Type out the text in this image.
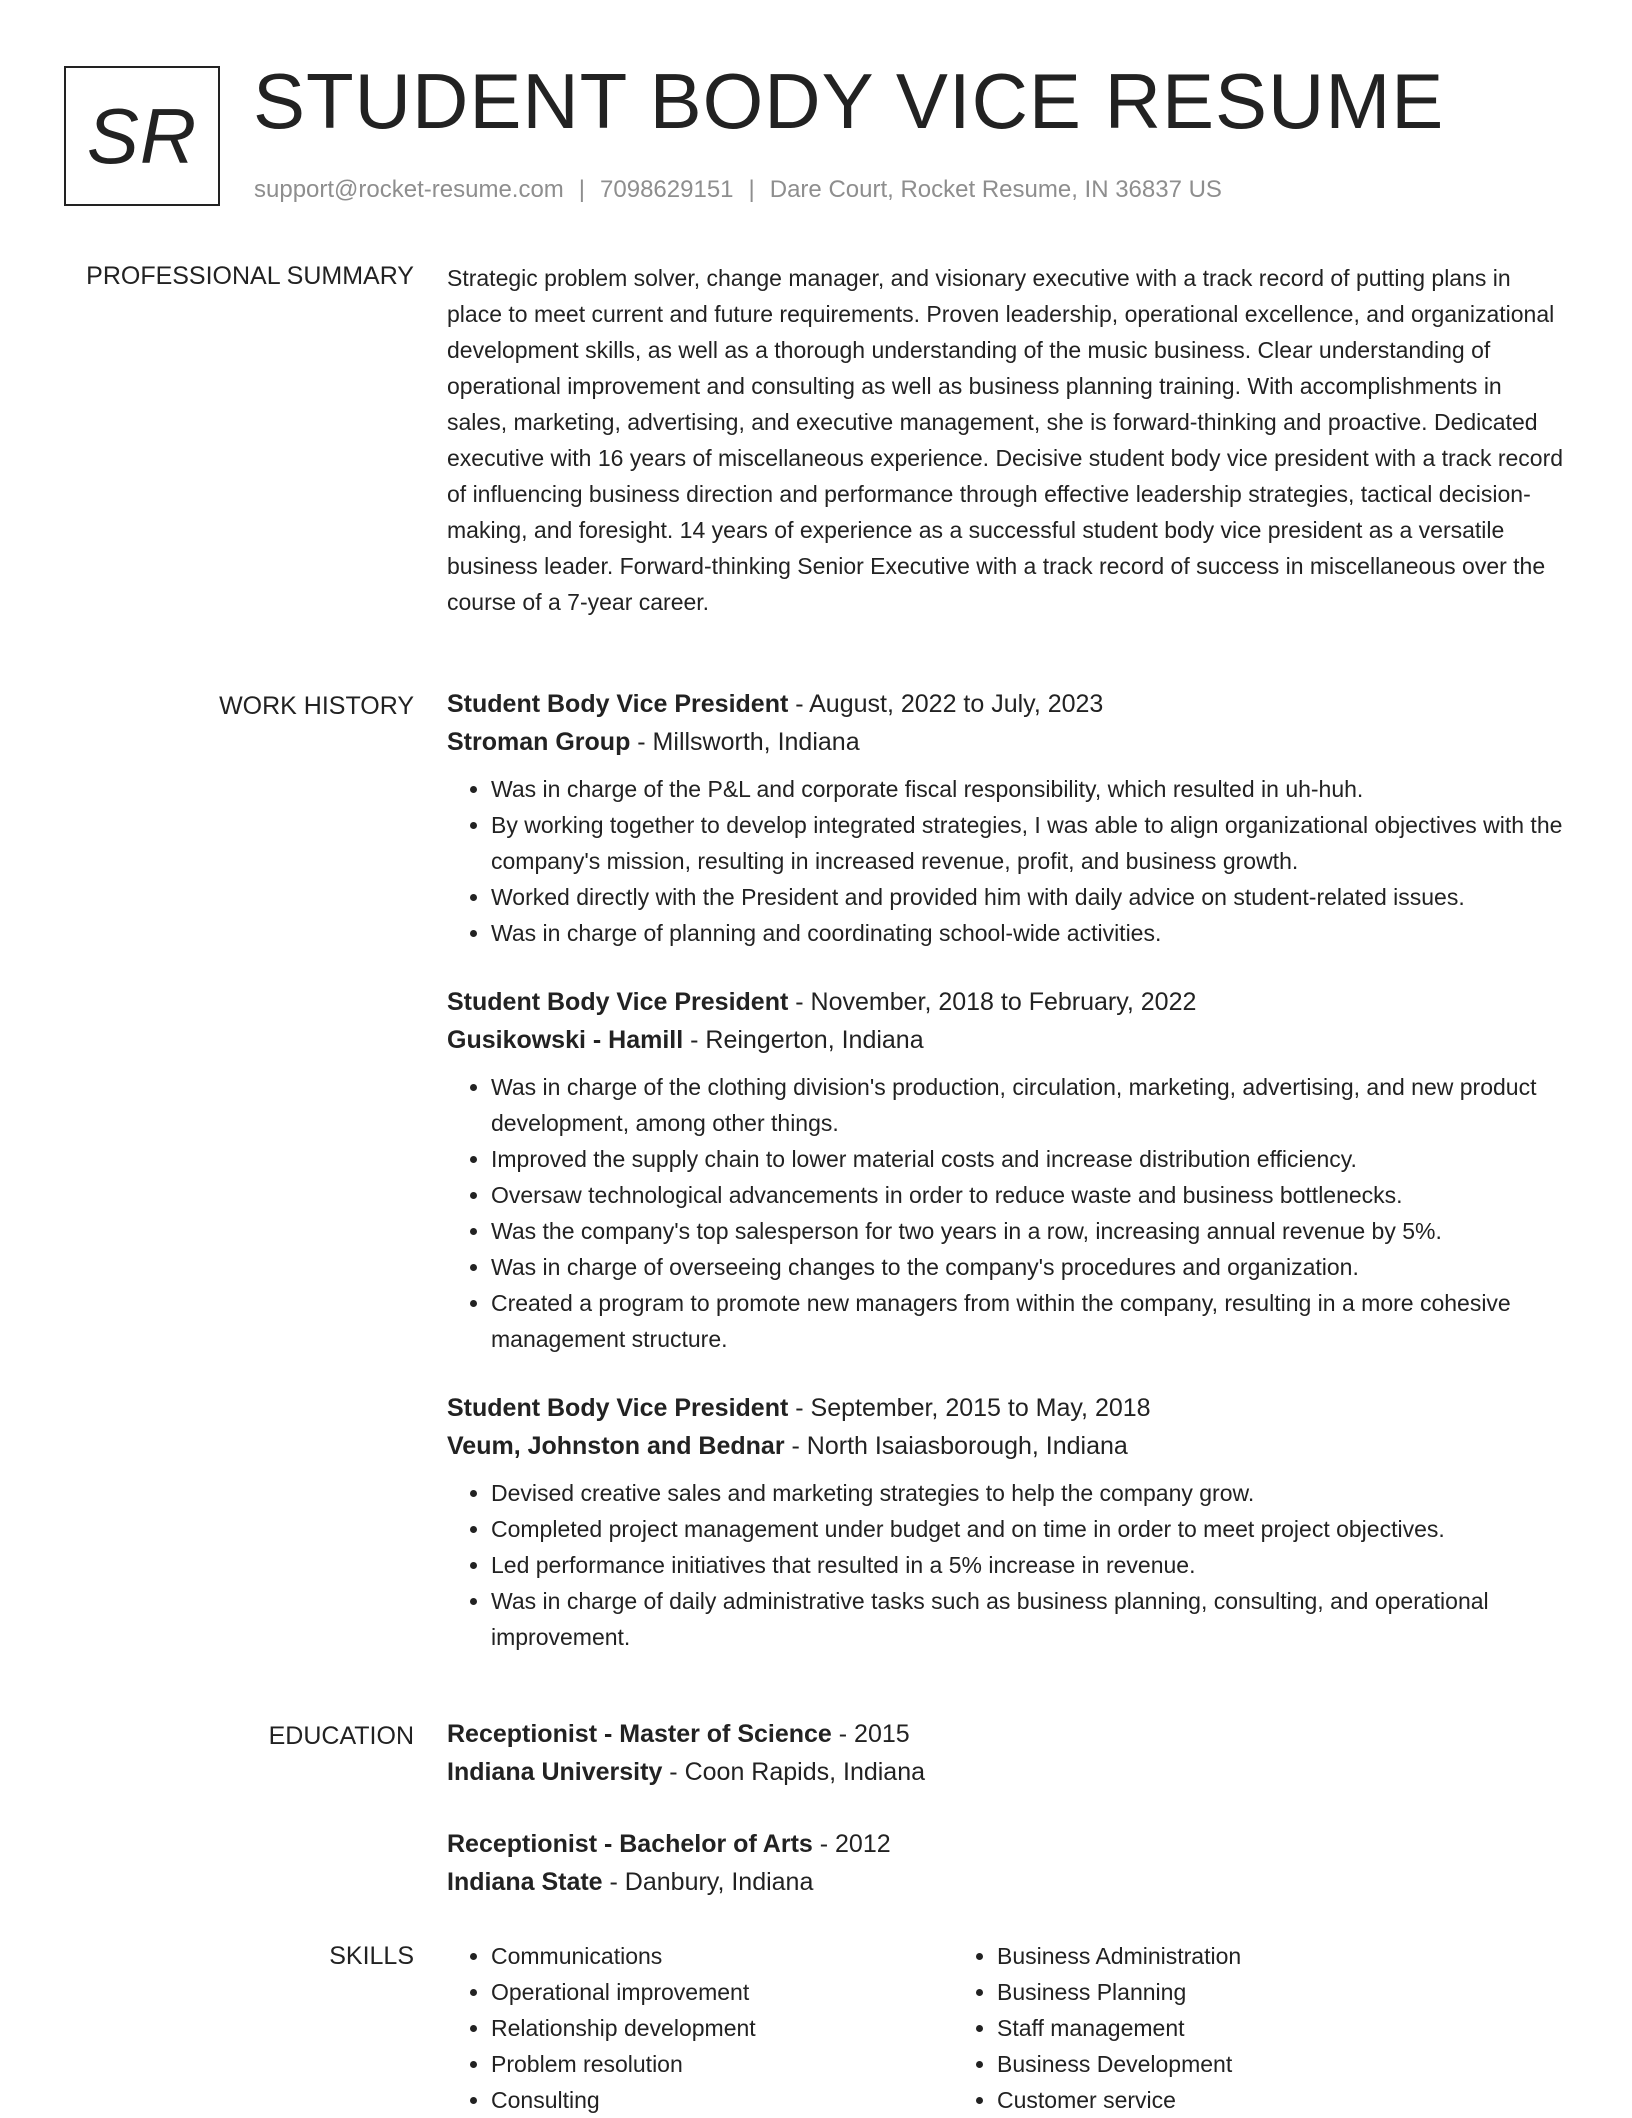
SR STUDENT BODY VICE RESUME
support@rocket-resume.com | 7098629151 | Dare Court, Rocket Resume, IN 36837 US
PROFESSIONAL SUMMARY Strategic problem solver, change manager, and visionary executive with a track record of putting plans in place to meet current and future requirements. Proven leadership, operational excellence, and organizational development skills, as well as a thorough understanding of the music business. Clear understanding of operational improvement and consulting as well as business planning training. With accomplishments in sales, marketing, advertising, and executive management, she is forward-thinking and proactive. Dedicated executive with 16 years of miscellaneous experience. Decisive student body vice president with a track record of influencing business direction and performance through effective leadership strategies, tactical decision-making, and foresight. 14 years of experience as a successful student body vice president as a versatile business leader. Forward-thinking Senior Executive with a track record of success in miscellaneous over the course of a 7-year career.

WORK HISTORY Student Body Vice President - August, 2022 to July, 2023
Stroman Group - Millsworth, Indiana
• Was in charge of the P&L and corporate fiscal responsibility, which resulted in uh-huh.
• By working together to develop integrated strategies, I was able to align organizational objectives with the company's mission, resulting in increased revenue, profit, and business growth.
• Worked directly with the President and provided him with daily advice on student-related issues.
• Was in charge of planning and coordinating school-wide activities.
Student Body Vice President - November, 2018 to February, 2022
Gusikowski - Hamill - Reingerton, Indiana
• Was in charge of the clothing division's production, circulation, marketing, advertising, and new product development, among other things.
• Improved the supply chain to lower material costs and increase distribution efficiency.
• Oversaw technological advancements in order to reduce waste and business bottlenecks.
• Was the company's top salesperson for two years in a row, increasing annual revenue by 5%.
• Was in charge of overseeing changes to the company's procedures and organization.
• Created a program to promote new managers from within the company, resulting in a more cohesive management structure.
Student Body Vice President - September, 2015 to May, 2018
Veum, Johnston and Bednar - North Isaiasborough, Indiana
• Devised creative sales and marketing strategies to help the company grow.
• Completed project management under budget and on time in order to meet project objectives.
• Led performance initiatives that resulted in a 5% increase in revenue.
• Was in charge of daily administrative tasks such as business planning, consulting, and operational improvement.
EDUCATION Receptionist - Master of Science - 2015
Indiana University - Coon Rapids, Indiana
Receptionist - Bachelor of Arts - 2012
Indiana State - Danbury, Indiana
SKILLS
•	Communications
• Operational improvement
• Relationship development
• Problem resolution
• Consulting
• Business Administration
• Business Planning
• Staff management
• Business Development
• Customer service
